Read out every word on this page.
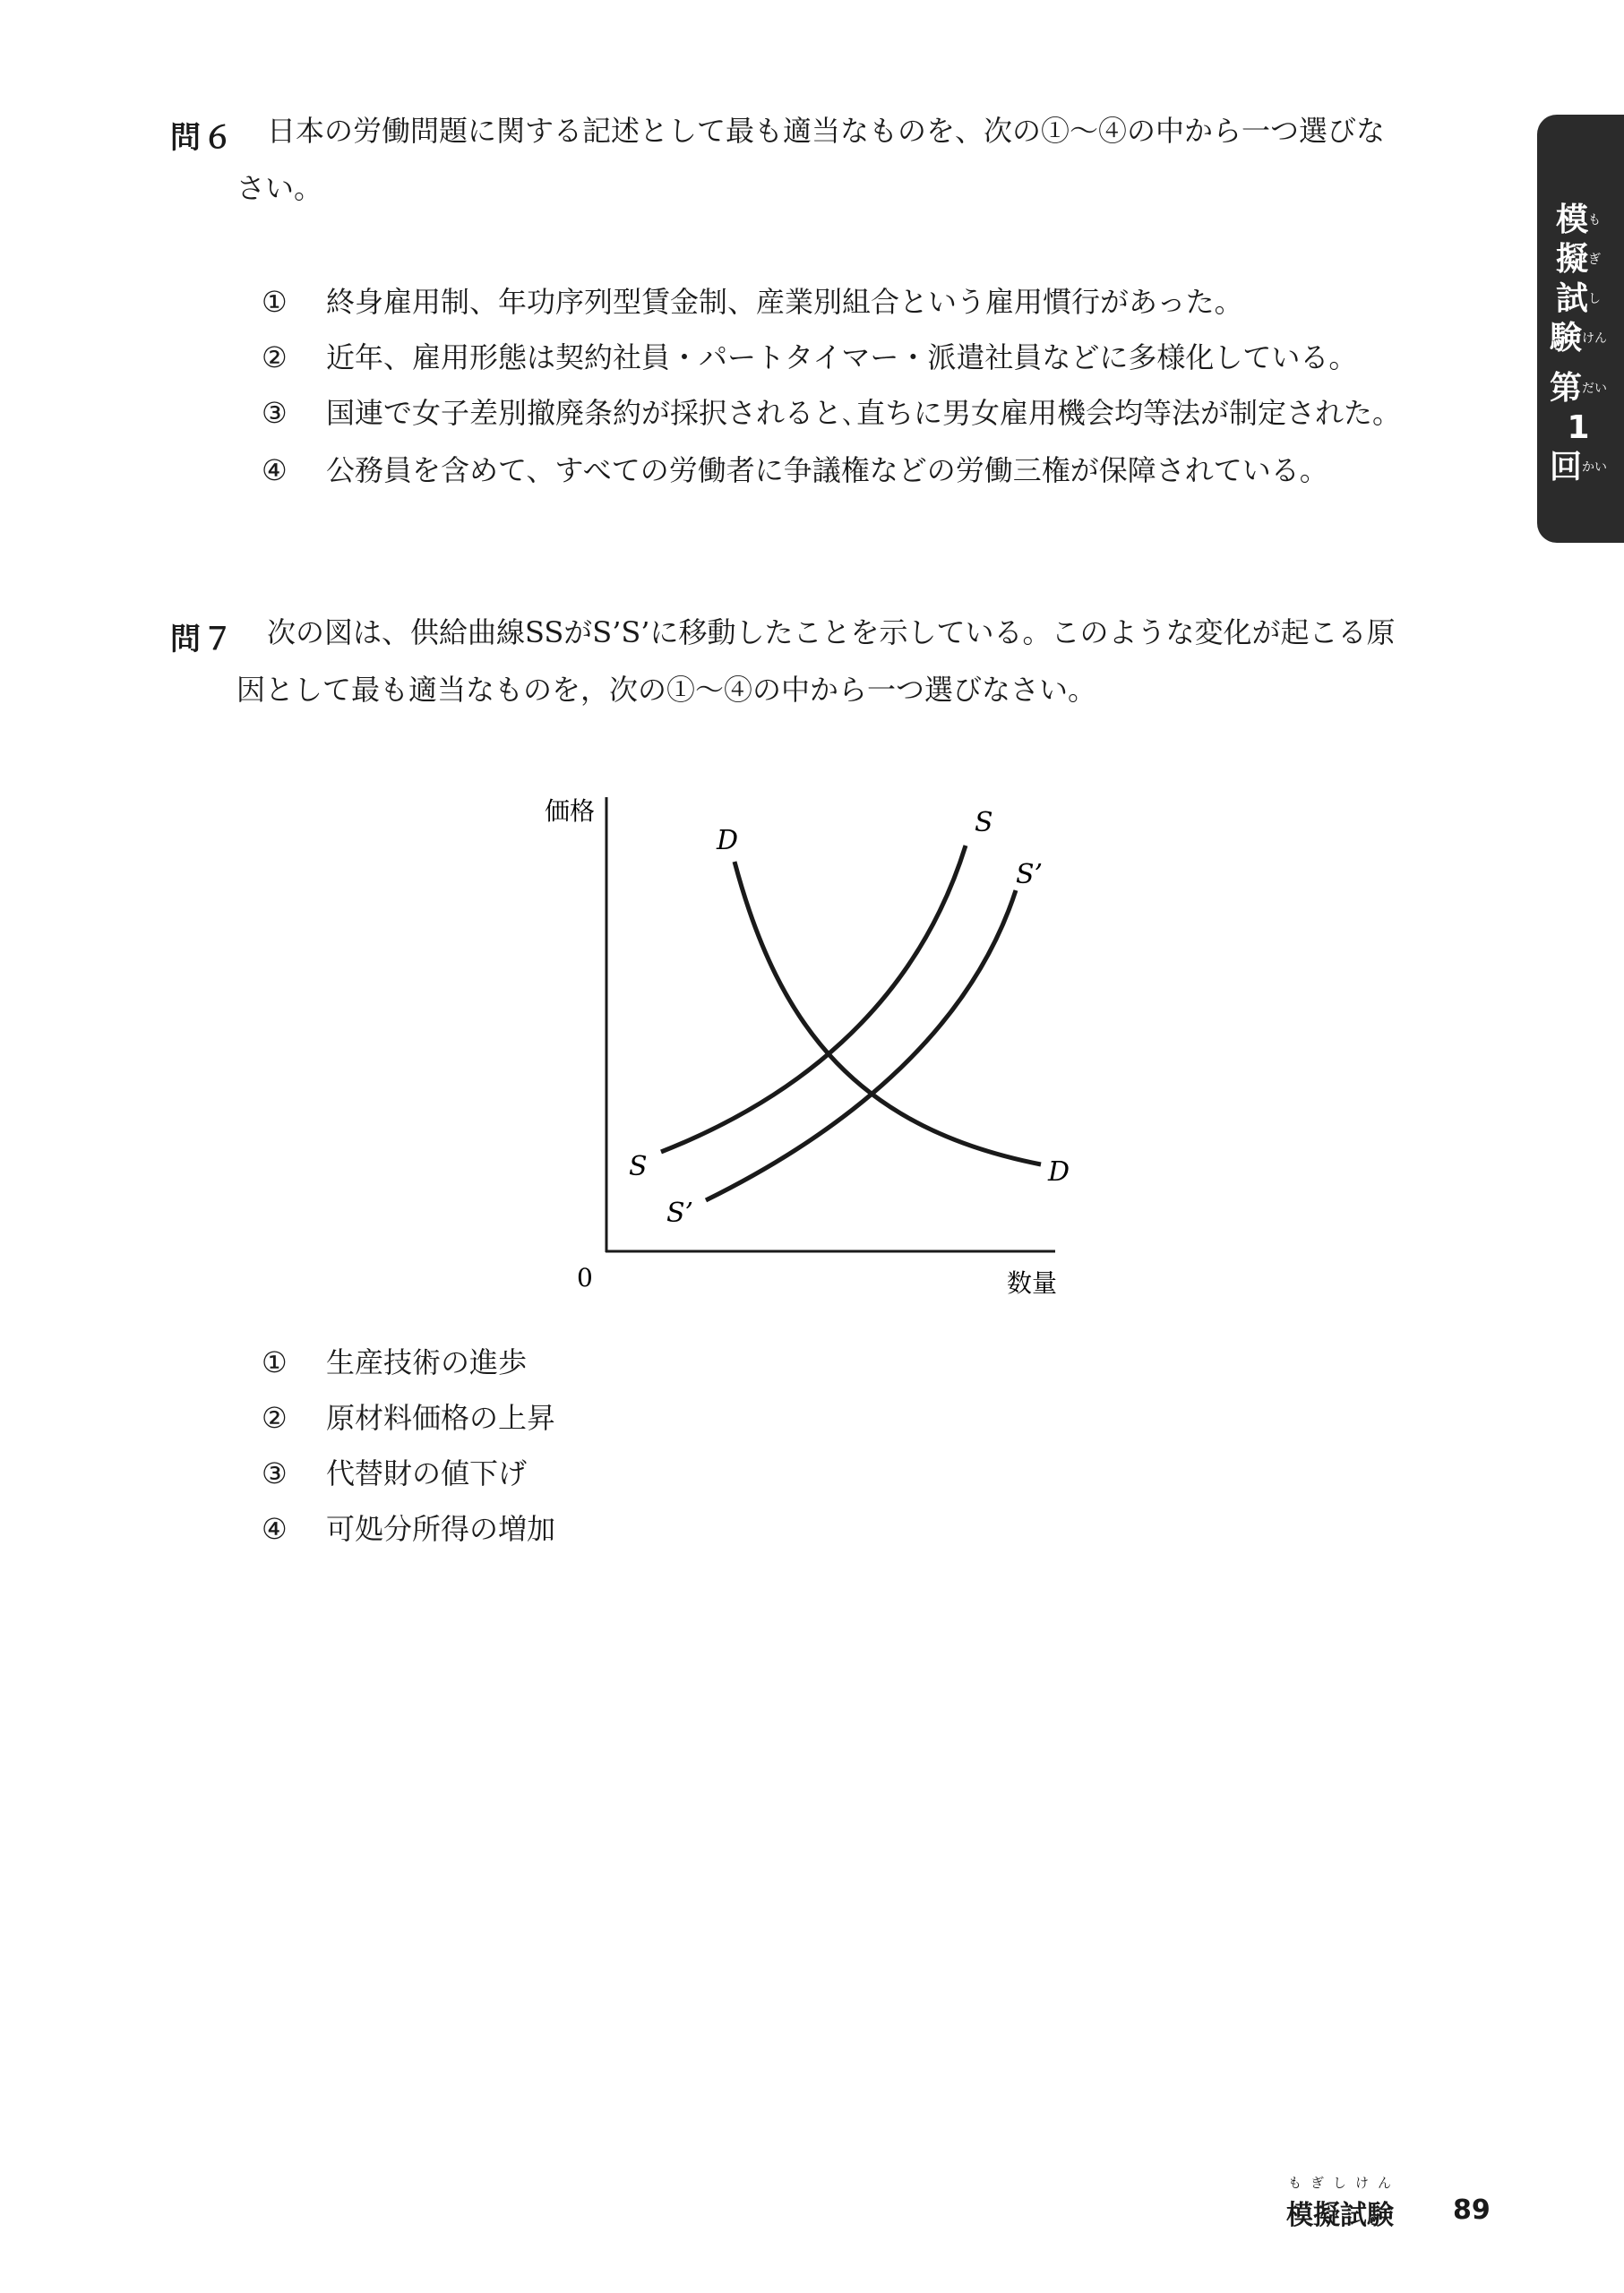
問６ 日本の労働問題に関する記述として最も適当なものを、次の①〜④の中から一つ選びな
さい。
① 終身雇用制、年功序列型賃金制、産業別組合という雇用慣行があった。
② 近年、雇用形態は契約社員・パートタイマー・派遣社員などに多様化している。
③ 国連で女子差別撤廃条約が採択されると､直ちに男女雇用機会均等法が制定された。
④ 公務員を含めて、すべての労働者に争議権などの労働三権が保障されている。
問７ 次の図は、供給曲線SSがS’S’に移動したことを示している。このような変化が起こる原
因として最も適当なものを，次の①〜④の中から一つ選びなさい。
価格
数量
0
D
D
S
S
S’
S’
① 生産技術の進歩
② 原材料価格の上昇
③ 代替財の値下げ
④ 可処分所得の増加
模 も
擬 ぎ
試 し
験 けん
第 だい
1
回 かい
もぎしけん
模擬試験 89
